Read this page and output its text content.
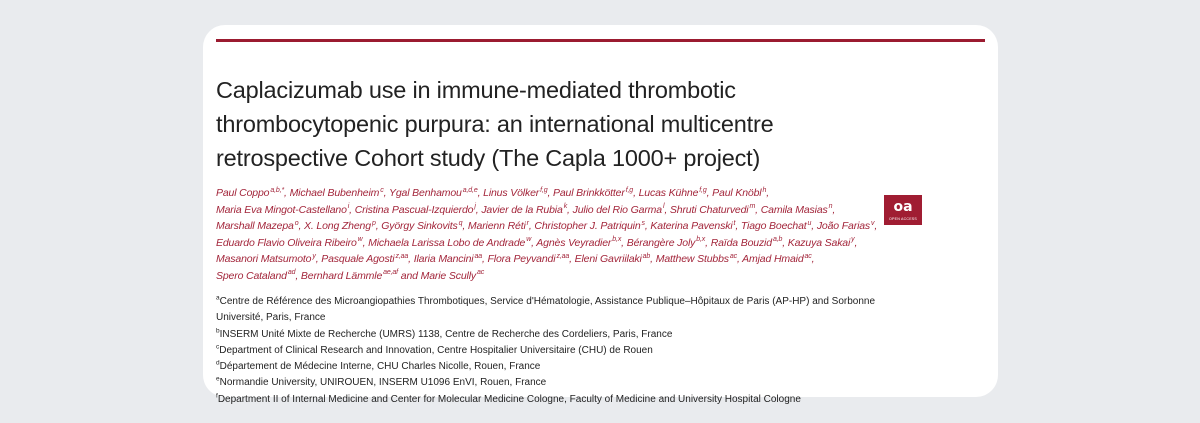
Caplacizumab use in immune-mediated thrombotic thrombocytopenic purpura: an international multicentre retrospective Cohort study (The Capla 1000+ project)
Paul Coppo$^{a,b,*}$, Michael Bubenheim$^c$, Ygal Benhamou$^{a,d,e}$, Linus Völker$^{f,g}$, Paul Brinkkötter$^{f,g}$, Lucas Kühne$^{f,g}$, Paul Knöbl$^h$,
Maria Eva Mingot-Castellano$^i$, Cristina Pascual-Izquierdo$^j$, Javier de la Rubia$^k$, Julio del Rio Garma$^l$, Shruti Chaturvedi$^m$, Camila Masias$^n$,
Marshall Mazepa$^o$, X. Long Zheng$^p$, György Sinkovits$^q$, Marienn Réti$^r$, Christopher J. Patriquin$^s$, Katerina Pavenski$^t$, Tiago Boechat$^u$, João Farias$^v$,
Eduardo Flavio Oliveira Ribeiro$^w$, Michaela Larissa Lobo de Andrade$^w$, Agnès Veyradier$^{b,x}$, Bérangère Joly$^{b,x}$, Raïda Bouzid$^{a,b}$, Kazuya Sakai$^y$,
Masanori Matsumoto$^y$, Pasquale Agosti$^{z,aa}$, Ilaria Mancini$^{aa}$, Flora Peyvandi$^{z,aa}$, Eleni Gavriilaki$^{ab}$, Matthew Stubbs$^{ac}$, Amjad Hmaid$^{ac}$,
Spero Cataland$^{ad}$, Bernhard Lämmle$^{ae,af}$ and Marie Scully$^{ac}$
oa
OPEN ACCESS
$^a$Centre de Référence des Microangiopathies Thrombotiques, Service d'Hématologie, Assistance Publique–Hôpitaux de Paris (AP-HP) and Sorbonne Université, Paris, France
$^b$INSERM Unité Mixte de Recherche (UMRS) 1138, Centre de Recherche des Cordeliers, Paris, France
$^c$Department of Clinical Research and Innovation, Centre Hospitalier Universitaire (CHU) de Rouen
$^d$Département de Médecine Interne, CHU Charles Nicolle, Rouen, France
$^e$Normandie University, UNIROUEN, INSERM U1096 EnVI, Rouen, France
$^f$Department II of Internal Medicine and Center for Molecular Medicine Cologne, Faculty of Medicine and University Hospital Cologne
